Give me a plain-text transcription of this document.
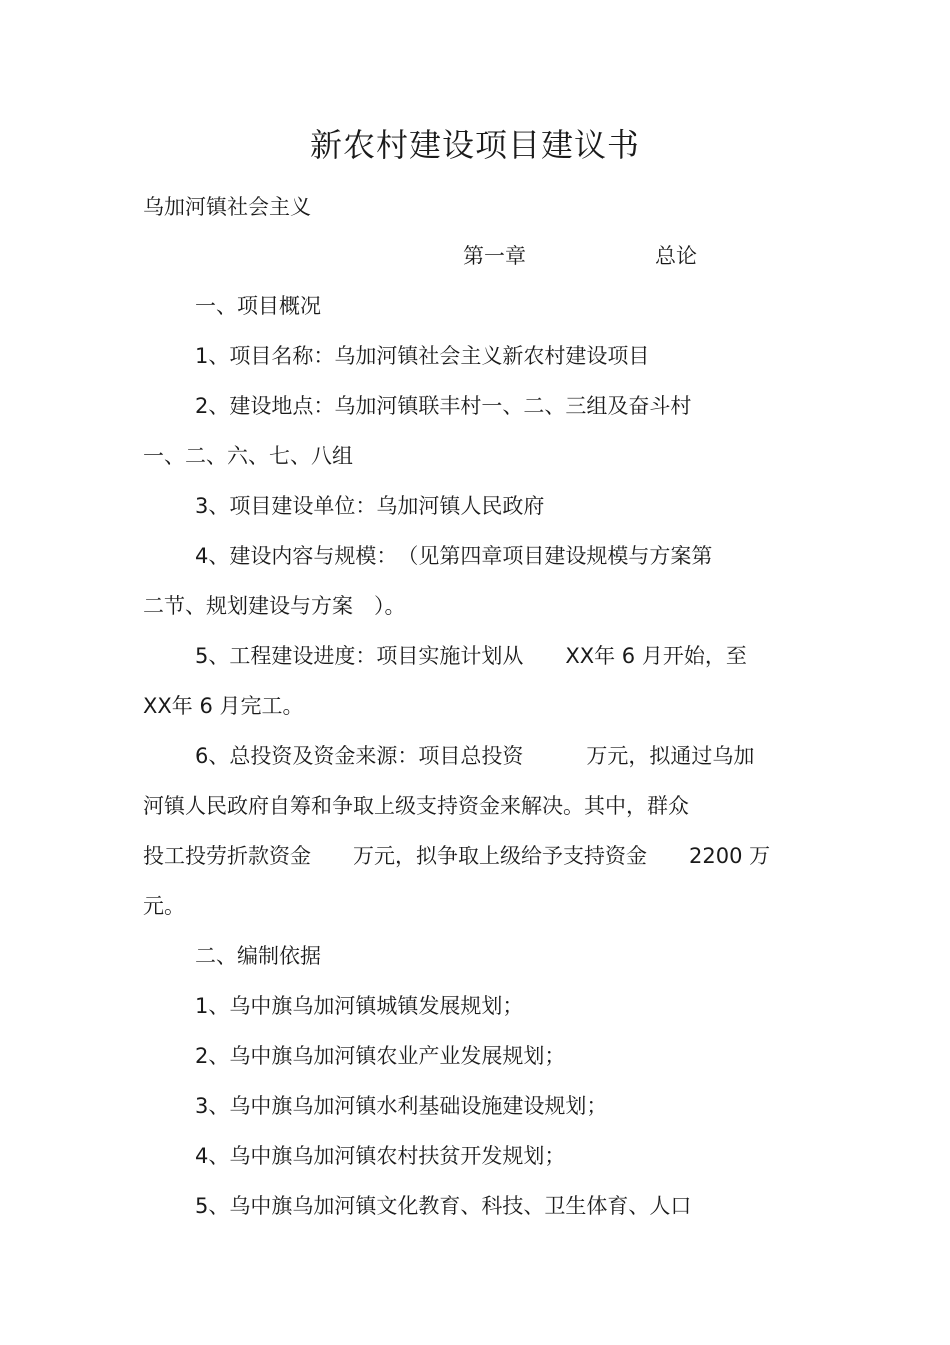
新农村建设项目建议书
乌加河镇社会主义
第一章	总论
一、项目概况
1、项目名称：乌加河镇社会主义新农村建设项目
2、建设地点：乌加河镇联丰村一、二、三组及奋斗村
一、二、六、七、八组
3、项目建设单位：乌加河镇人民政府
4、建设内容与规模：　（见第四章项目建设规模与方案第
二节、规划建设与方案　）。
5、工程建设进度：项目实施计划从　　XX年 6 月开始，至
XX年 6 月完工。
6、总投资及资金来源：项目总投资　　　万元，拟通过乌加
河镇人民政府自筹和争取上级支持资金来解决。其中，群众
投工投劳折款资金　　万元，拟争取上级给予支持资金　　2200 万
元。
二、编制依据
1、乌中旗乌加河镇城镇发展规划；
2、乌中旗乌加河镇农业产业发展规划；
3、乌中旗乌加河镇水利基础设施建设规划；
4、乌中旗乌加河镇农村扶贫开发规划；
5、乌中旗乌加河镇文化教育、科技、卫生体育、人口
